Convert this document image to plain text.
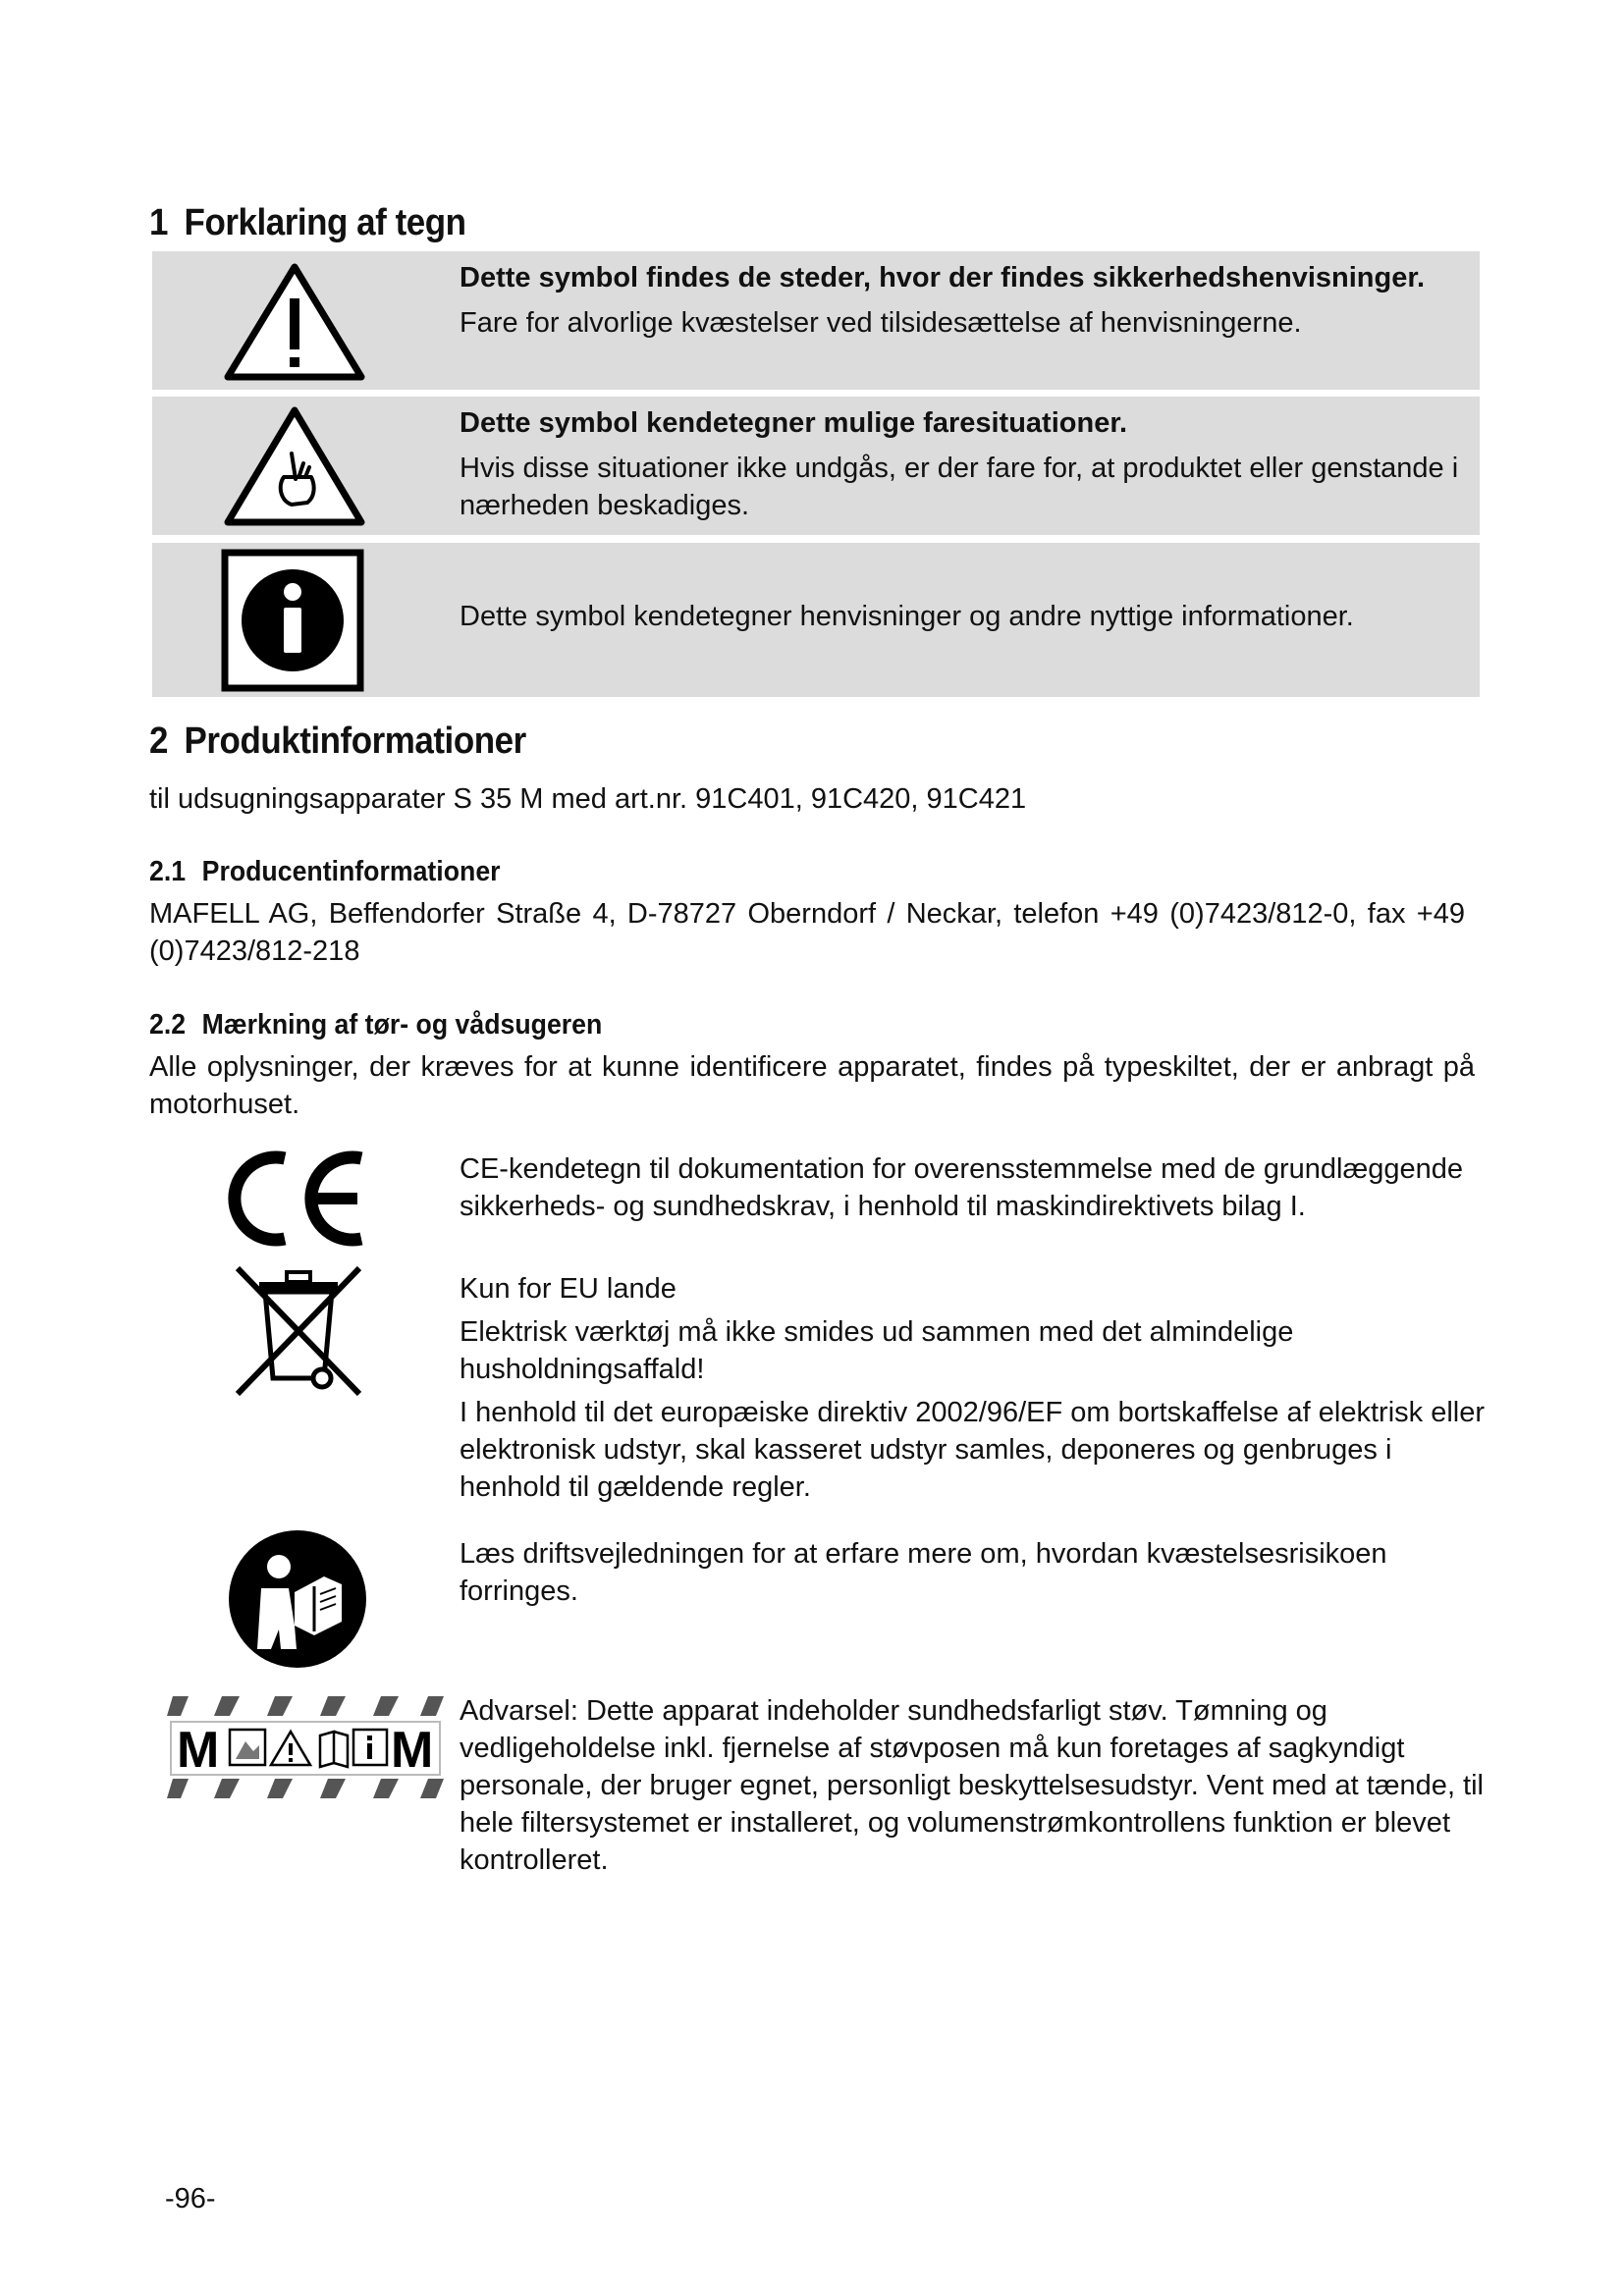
1 Forklaring af tegn
Dette symbol findes de steder, hvor der findes sikkerhedshenvisninger.
Fare for alvorlige kvæstelser ved tilsidesættelse af henvisningerne.
Dette symbol kendetegner mulige faresituationer.
Hvis disse situationer ikke undgås, er der fare for, at produktet eller genstande i nærheden beskadiges.
Dette symbol kendetegner henvisninger og andre nyttige informationer.
2 Produktinformationer

til udsugningsapparater S 35 M med art.nr. 91C401, 91C420, 91C421

2.1 Producentinformationer

MAFELL AG, Beffendorfer Straße 4, D-78727 Oberndorf / Neckar, telefon +49 (0)7423/812-0, fax +49 (0)7423/812-218

2.2 Mærkning af tør- og vådsugeren

Alle oplysninger, der kræves for at kunne identificere apparatet, findes på typeskiltet, der er anbragt på motorhuset.

CE-kendetegn til dokumentation for overensstemmelse med de grundlæggende sikkerheds- og sundhedskrav, i henhold til maskindirektivets bilag I.

Kun for EU lande

Elektrisk værktøj må ikke smides ud sammen med det almindelige husholdningsaffald!

I henhold til det europæiske direktiv 2002/96/EF om bortskaffelse af elektrisk eller elektronisk udstyr, skal kasseret udstyr samles, deponeres og genbruges i henhold til gældende regler.

Læs driftsvejledningen for at erfare mere om, hvordan kvæstelsesrisikoen forringes.
M	M
Advarsel: Dette apparat indeholder sundhedsfarligt støv. Tømning og vedligeholdelse inkl. fjernelse af støvposen må kun foretages af sagkyndigt personale, der bruger egnet, personligt beskyttelsesudstyr. Vent med at tænde, til hele filtersystemet er installeret, og volumenstrømkontrollens funktion er blevet kontrolleret.
-96-
